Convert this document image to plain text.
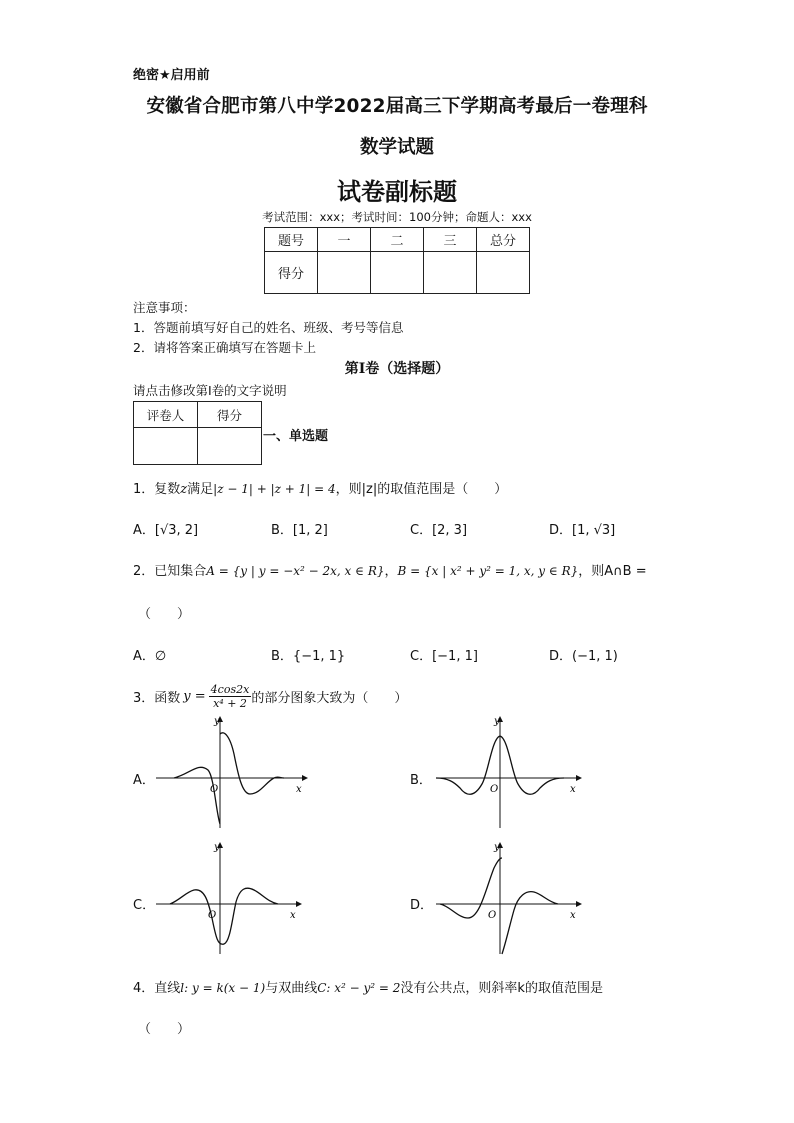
绝密★启用前
安徽省合肥市第八中学2022届高三下学期高考最后一卷理科
数学试题
试卷副标题
考试范围：xxx；考试时间：100分钟；命题人：xxx
题号	一	二	三	总分
得分				
注意事项：
1．答题前填写好自己的姓名、班级、考号等信息
2．请将答案正确填写在答题卡上
第I卷（选择题）
请点击修改第I卷的文字说明
评卷人	得分

一、单选题
1．复数z满足|z − 1| + |z + 1| = 4，则|z|的取值范围是（　　）
A．[√3, 2]	B．[1, 2]	C．[2, 3]	D．[1, √3]
2．已知集合A = {y | y = −x² − 2x, x ∈ R}，B = {x | x² + y² = 1, x, y ∈ R}，则A∩B =
（　　）
A．∅	B．{−1, 1}	C．[−1, 1]	D．(−1, 1)
3． 函数 $y = \frac{4\cos 2x}{\text{x⁴ + 2}}$ 的部分图象大致为（　　）
A．	B．
C．	D．
x
y
O	x
y
O
x
y
O	x
y
O
4．直线l: y = k(x − 1)与双曲线C: x² − y² = 2没有公共点，则斜率k的取值范围是
（　　）
